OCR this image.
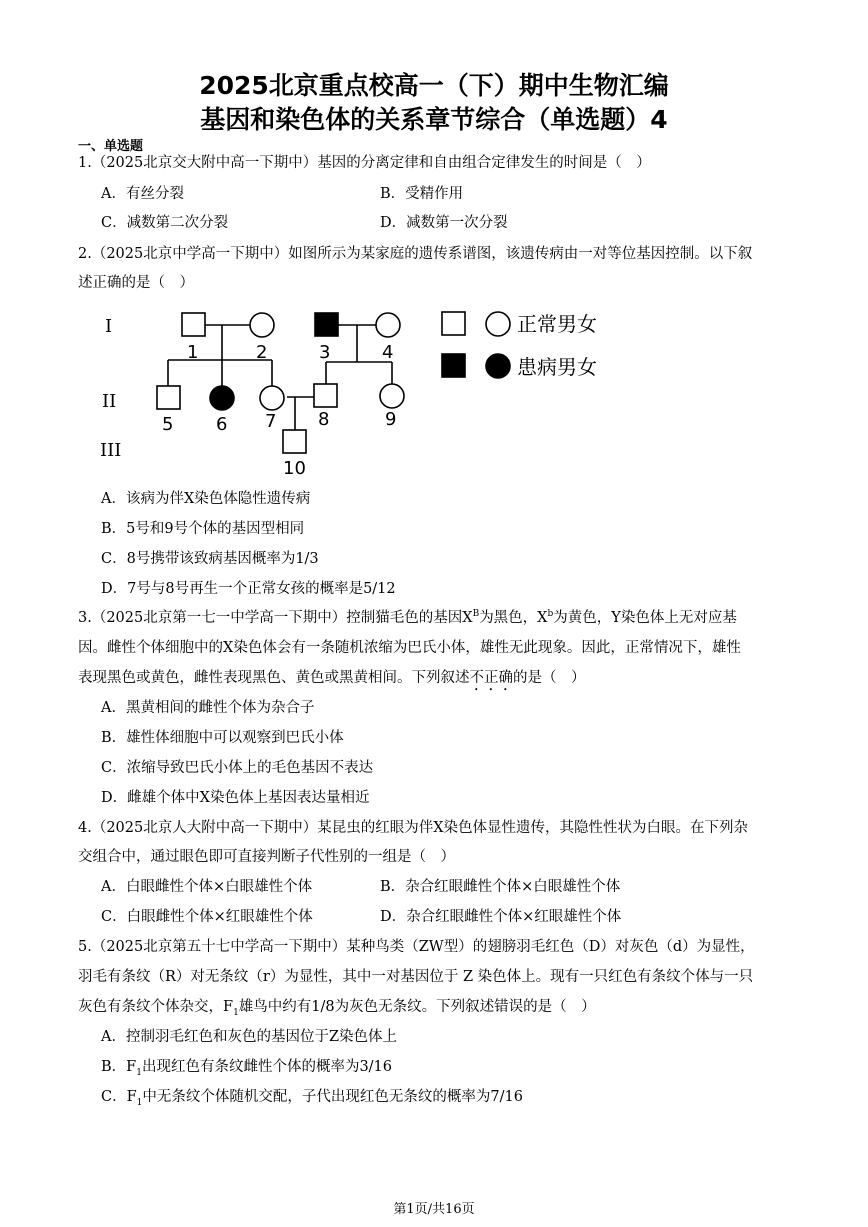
2025北京重点校高一（下）期中生物汇编
基因和染色体的关系章节综合（单选题）4
一、单选题
1.（2025北京交大附中高一下期中）基因的分离定律和自由组合定律发生的时间是（　）
A．有丝分裂	B．受精作用
C．减数第二次分裂	D．减数第一次分裂
2.（2025北京中学高一下期中）如图所示为某家庭的遗传系谱图，该遗传病由一对等位基因控制。以下叙
述正确的是（　）
I
II
III
1	2	3	4
5 6 7 8	9
10
正常男女
患病男女
A．该病为伴X染色体隐性遗传病
B．5号和9号个体的基因型相同
C．8号携带该致病基因概率为1/3
D．7号与8号再生一个正常女孩的概率是5/12
3.（2025北京第一七一中学高一下期中）控制猫毛色的基因$X^B$为黑色，$X^b$为黄色，Y染色体上无对应基
因。雌性个体细胞中的X染色体会有一条随机浓缩为巴氏小体，雄性无此现象。因此，正常情况下，雄性
表现黑色或黄色，雌性表现黑色、黄色或黑黄相间。下列叙述不正确的是（　）
A．黑黄相间的雌性个体为杂合子
B．雄性体细胞中可以观察到巴氏小体
C．浓缩导致巴氏小体上的毛色基因不表达
D．雌雄个体中X染色体上基因表达量相近
4.（2025北京人大附中高一下期中）某昆虫的红眼为伴X染色体显性遗传，其隐性性状为白眼。在下列杂
交组合中，通过眼色即可直接判断子代性别的一组是（　）
A．白眼雌性个体×白眼雄性个体	B．杂合红眼雌性个体×白眼雄性个体
C．白眼雌性个体×红眼雄性个体	D．杂合红眼雌性个体×红眼雄性个体
5.（2025北京第五十七中学高一下期中）某种鸟类（ZW型）的翅膀羽毛红色（D）对灰色（d）为显性，
羽毛有条纹（R）对无条纹（r）为显性，其中一对基因位于 Z 染色体上。现有一只红色有条纹个体与一只
灰色有条纹个体杂交，$F_1$雄鸟中约有1/8为灰色无条纹。下列叙述错误的是（　）
A．控制羽毛红色和灰色的基因位于Z染色体上
B．$F_1$出现红色有条纹雌性个体的概率为3/16
C．$F_1$中无条纹个体随机交配，子代出现红色无条纹的概率为7/16
第1页/共16页
